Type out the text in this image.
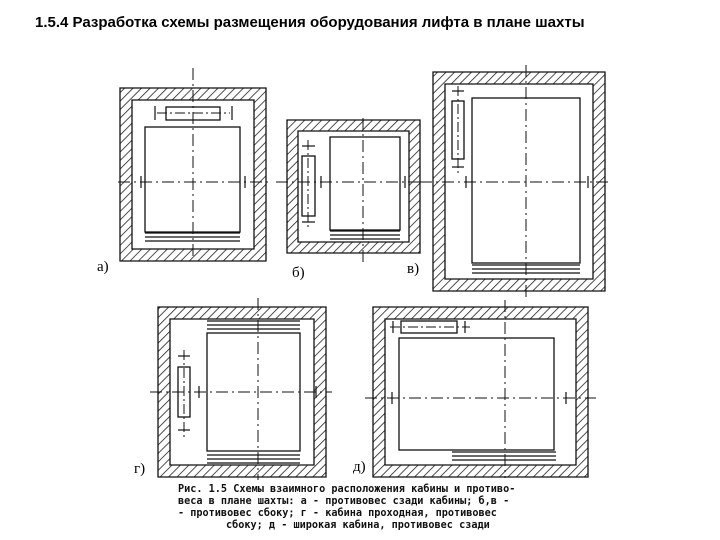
1.5.4 Разработка схемы размещения оборудования лифта в плане шахты
а)	б)	в)
г)	д)
Рис. 1.5 Схемы взаимного расположения кабины и противо-
веса в плане шахты: а - противовес сзади кабины; б,в -
- противовес сбоку; г - кабина проходная, противовес
сбоку; д - широкая кабина, противовес сзади
